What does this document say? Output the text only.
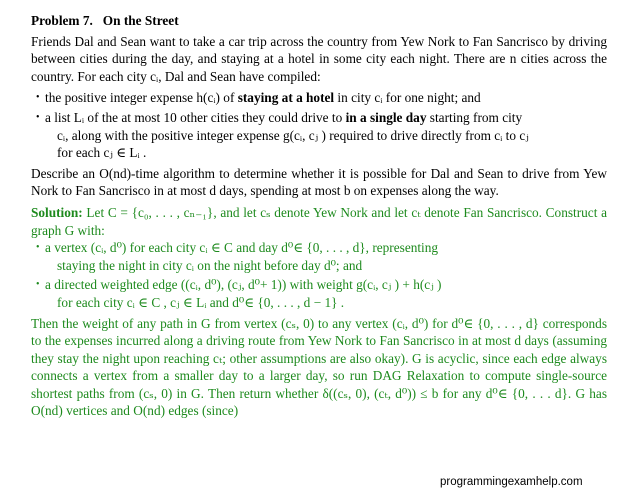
Problem 7. On the Street

Friends Dal and Sean want to take a car trip across the country from Yew Nork to Fan Sancrisco by driving between cities during the day, and staying at a hotel in some city each night. There are n cities across the country. For each city cᵢ, Dal and Sean have compiled:

• the positive integer expense h(cᵢ) of staying at a hotel in city cᵢ for one night; and
• a list Lᵢ of the at most 10 other cities they could drive to in a single day starting from city
cᵢ, along with the positive integer expense g(cᵢ, cⱼ ) required to drive directly from cᵢ to cⱼ
for each cⱼ ∈ Lᵢ .

Describe an O(nd)-time algorithm to determine whether it is possible for Dal and Sean to drive from Yew Nork to Fan Sancrisco in at most d days, spending at most b on expenses along the way.

Solution: Let C = {c₀, . . . , cₙ₋₁}, and let cₛ denote Yew Nork and let cₜ denote Fan Sancrisco. Construct a graph G with:

• a vertex (cᵢ, d⁰) for each city cᵢ ∈ C and day d⁰∈ {0, . . . , d}, representing
staying the night in city cᵢ on the night before day d⁰; and
• a directed weighted edge ((cᵢ, d⁰), (cⱼ, d⁰+ 1)) with weight g(cᵢ, cⱼ ) + h(cⱼ )
for each city cᵢ ∈ C , cⱼ ∈ Lᵢ and d⁰∈ {0, . . . , d − 1} .

Then the weight of any path in G from vertex (cₛ, 0) to any vertex (cᵢ, d⁰) for d⁰∈ {0, . . . , d} corresponds to the expenses incurred along a driving route from Yew Nork to Fan Sancrisco in at most d days (assuming they stay the night upon reaching cₜ; other assumptions are also okay). G is acyclic, since each edge always connects a vertex from a smaller day to a larger day, so run DAG Relaxation to compute single-source shortest paths from (cₛ, 0) in G. Then return whether δ((cₛ, 0), (cₜ, d⁰)) ≤ b for any d⁰∈ {0, . . . d}. G has O(nd) vertices and O(nd) edges (since)

programmingexamhelp.com
